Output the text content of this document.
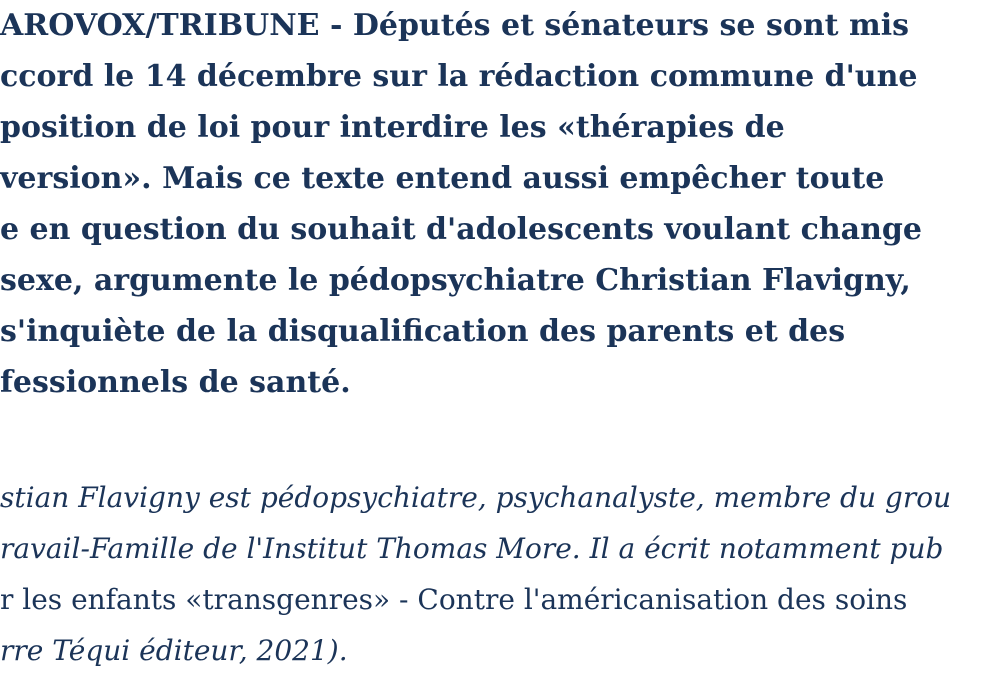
AROVOX/TRIBUNE - Députés et sénateurs se sont mis
ccord le 14 décembre sur la rédaction commune d'une
position de loi pour interdire les «thérapies de
version». Mais ce texte entend aussi empêcher toute
e en question du souhait d'adolescents voulant change
sexe, argumente le pédopsychiatre Christian Flavigny,
s'inquiète de la disqualification des parents et des
fessionnels de santé.
stian Flavigny est pédopsychiatre, psychanalyste, membre du grou
ravail-Famille de l'Institut Thomas More. Il a écrit notamment pub
r les enfants «transgenres» - Contre l'américanisation des soins
rre Téqui éditeur, 2021).
